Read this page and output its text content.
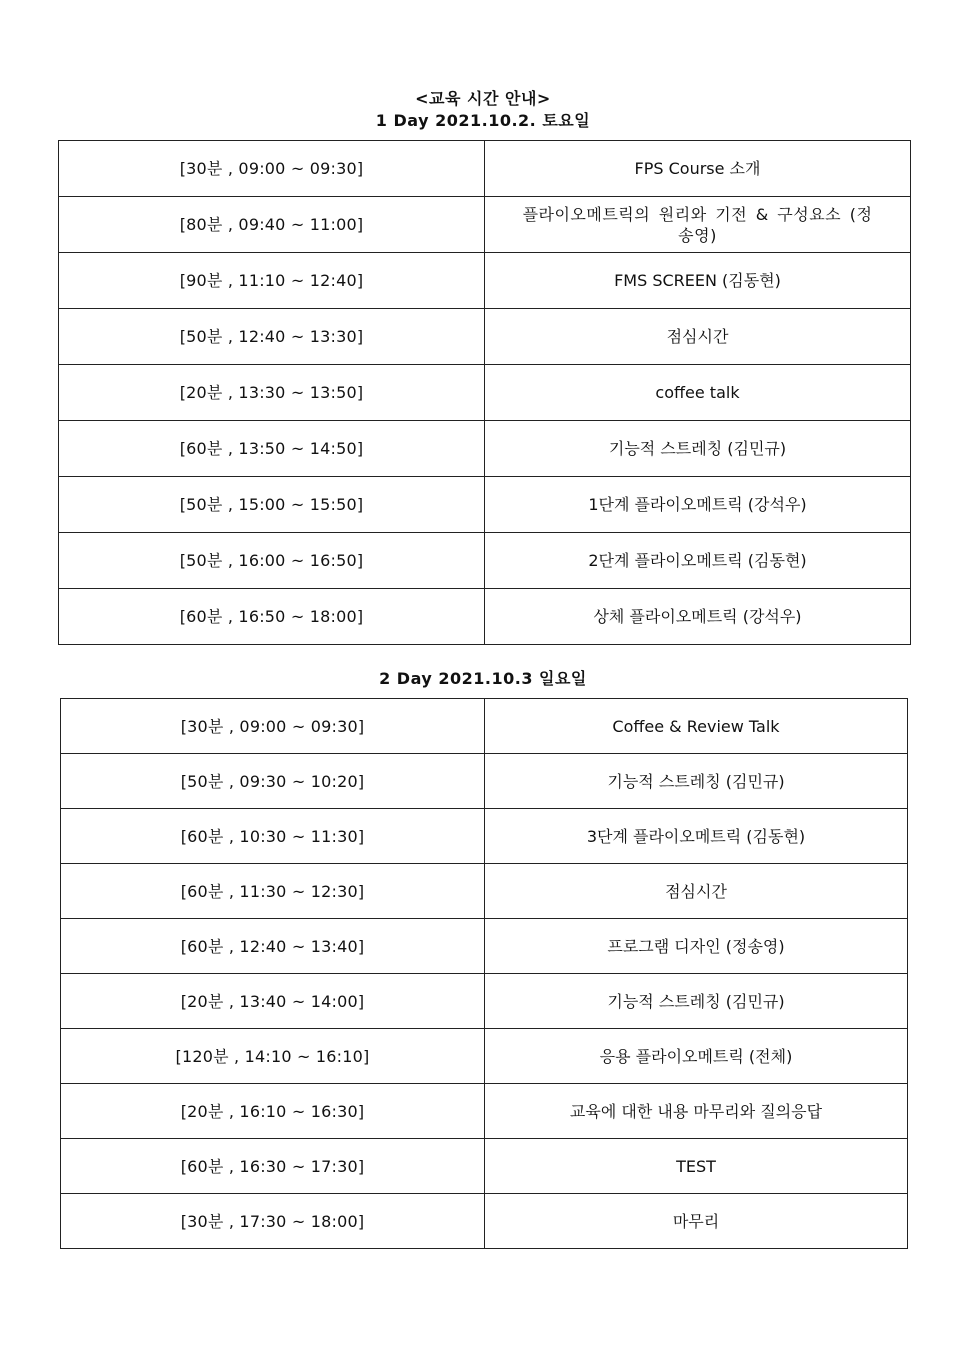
<교육 시간 안내>
1 Day 2021.10.2. 토요일
[30분 , 09:00 ~ 09:30]	FPS Course 소개
[80분 , 09:40 ~ 11:00]	플라이오메트릭의 원리와 기전 & 구성요소 (정송영)
[90분 , 11:10 ~ 12:40]	FMS SCREEN (김동현)
[50분 , 12:40 ~ 13:30]	점심시간
[20분 , 13:30 ~ 13:50]	coffee talk
[60분 , 13:50 ~ 14:50]	기능적 스트레칭 (김민규)
[50분 , 15:00 ~ 15:50]	1단계 플라이오메트릭 (강석우)
[50분 , 16:00 ~ 16:50]	2단계 플라이오메트릭 (김동현)
[60분 , 16:50 ~ 18:00]	상체 플라이오메트릭 (강석우)
2 Day 2021.10.3 일요일
[30분 , 09:00 ~ 09:30]	Coffee & Review Talk
[50분 , 09:30 ~ 10:20]	기능적 스트레칭 (김민규)
[60분 , 10:30 ~ 11:30]	3단계 플라이오메트릭 (김동현)
[60분 , 11:30 ~ 12:30]	점심시간
[60분 , 12:40 ~ 13:40]	프로그램 디자인 (정송영)
[20분 , 13:40 ~ 14:00]	기능적 스트레칭 (김민규)
[120분 , 14:10 ~ 16:10]	응용 플라이오메트릭 (전체)
[20분 , 16:10 ~ 16:30]	교육에 대한 내용 마무리와 질의응답
[60분 , 16:30 ~ 17:30]	TEST
[30분 , 17:30 ~ 18:00]	마무리
